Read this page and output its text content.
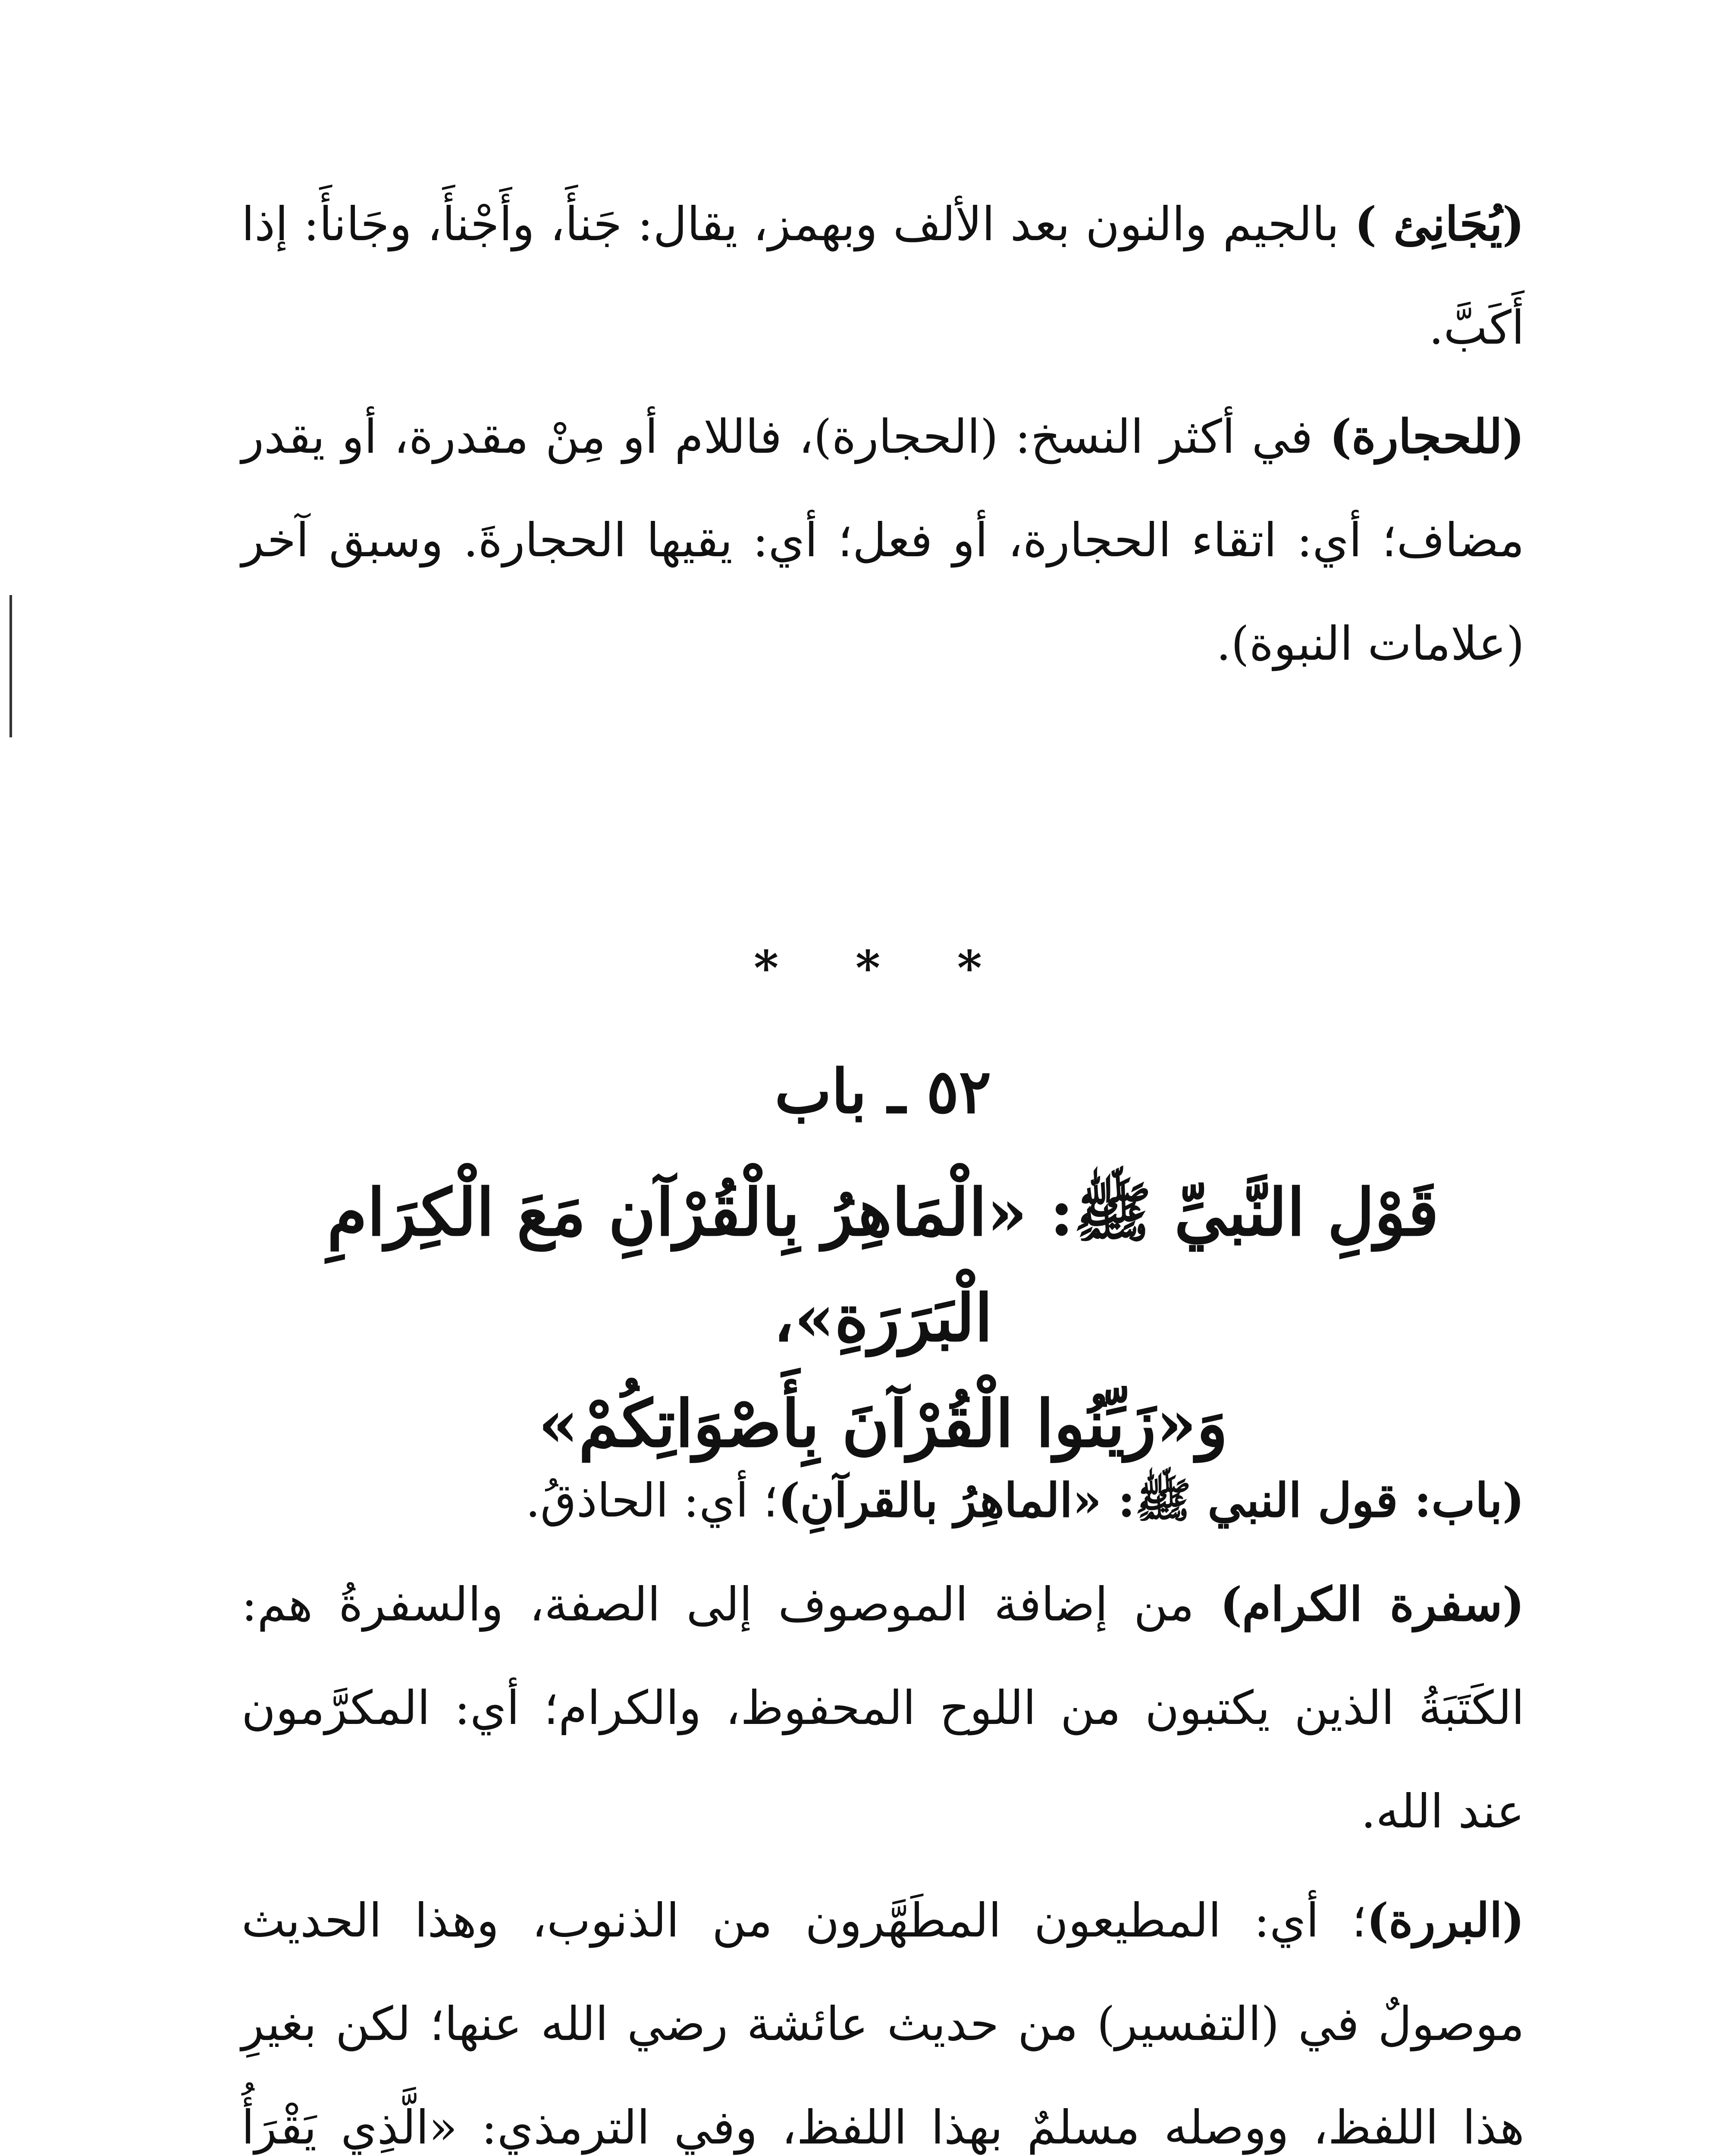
(يُجَانِئ ) بالجيم والنون بعد الألف وبهمز، يقال: جَنأَ، وأَجْنأَ، وجَانأَ: إذا أَكَبَّ.

(للحجارة) في أكثر النسخ: (الحجارة)، فاللام أو مِنْ مقدرة، أو يقدر مضاف؛ أي: اتقاء الحجارة، أو فعل؛ أي: يقيها الحجارةَ. وسبق آخر (علامات النبوة).

* * *
٥٢ ـ باب
قَوْلِ النَّبيِّ ﷺ: «الْمَاهِرُ بِالْقُرْآنِ مَعَ الْكِرَامِ الْبَرَرَةِ»،
وَ«زَيِّنُوا الْقُرْآنَ بِأَصْوَاتِكُمْ»

(باب: قول النبي ﷺ: «الماهِرُ بالقرآنِ)؛ أي: الحاذقُ.

(سفرة الكرام) من إضافة الموصوف إلى الصفة، والسفرةُ هم: الكَتَبَةُ الذين يكتبون من اللوح المحفوظ، والكرام؛ أي: المكرَّمون عند الله.

(البررة)؛ أي: المطيعون المطَهَّرون من الذنوب، وهذا الحديث موصولٌ في (التفسير) من حديث عائشة رضي الله عنها؛ لكن بغيرِ هذا اللفظ، ووصله مسلمٌ بهذا اللفظ، وفي الترمذي: «الَّذِي يَقْرَأُ
